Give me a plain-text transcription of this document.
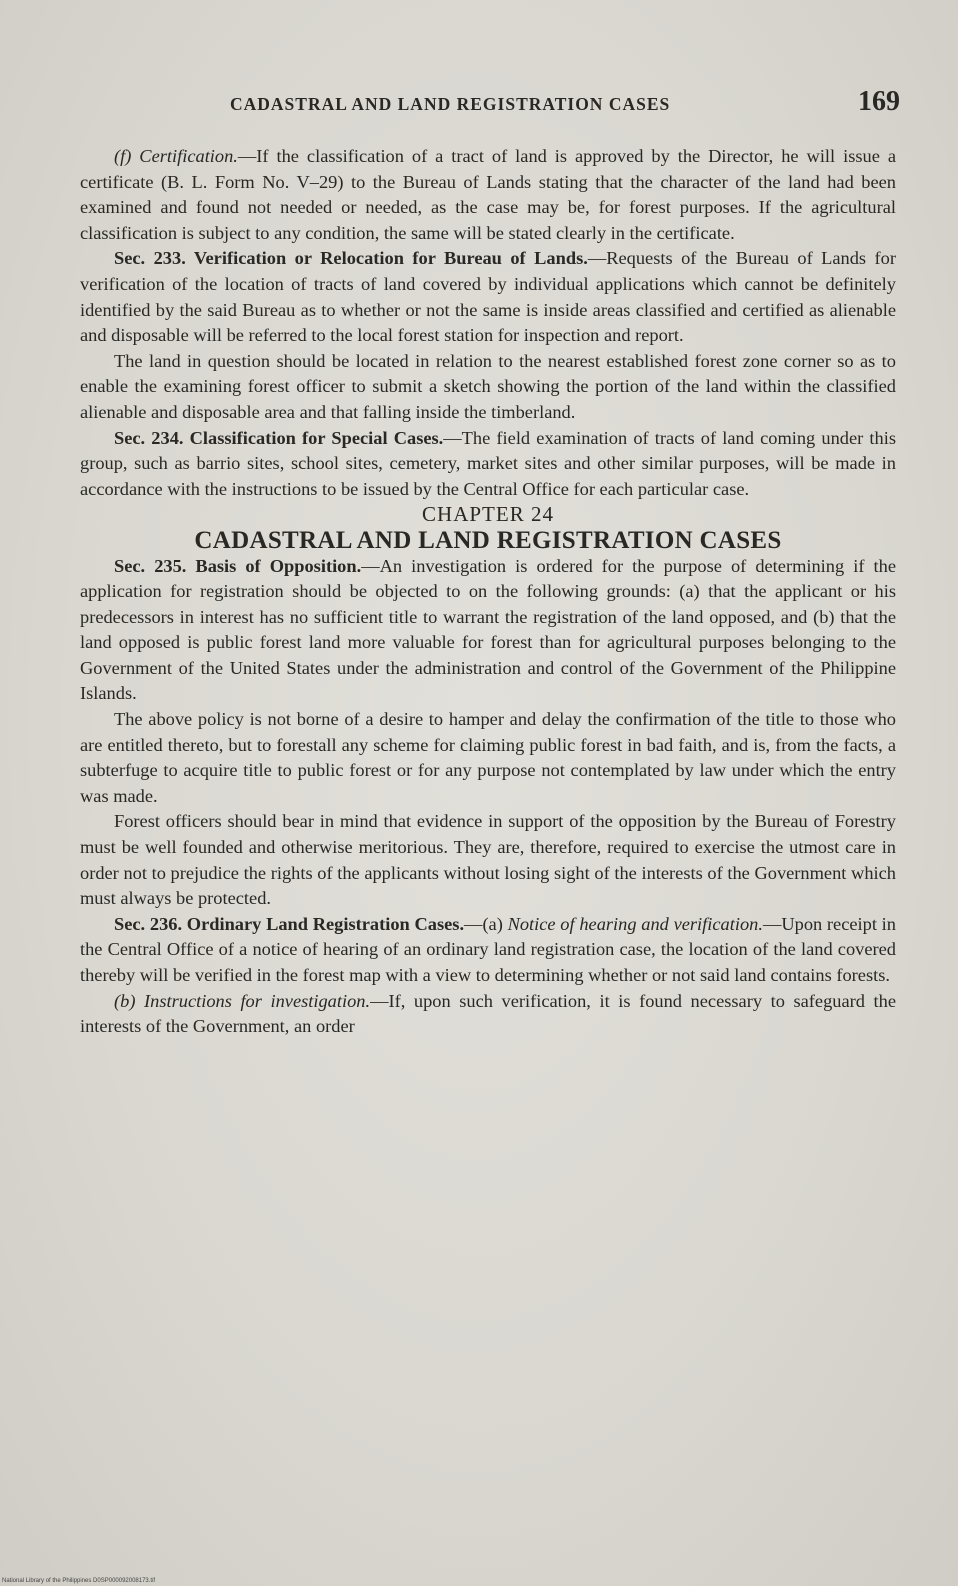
CADASTRAL AND LAND REGISTRATION CASES	169

(f) Certification.—If the classification of a tract of land is approved by the Director, he will issue a certificate (B. L. Form No. V–29) to the Bureau of Lands stating that the character of the land had been examined and found not needed or needed, as the case may be, for forest purposes. If the agricultural classification is subject to any condition, the same will be stated clearly in the certificate.

Sec. 233. Verification or Relocation for Bureau of Lands.—Requests of the Bureau of Lands for verification of the location of tracts of land covered by individual applications which cannot be definitely identified by the said Bureau as to whether or not the same is inside areas classified and certified as alienable and disposable will be referred to the local forest station for inspection and report.

The land in question should be located in relation to the nearest established forest zone corner so as to enable the examining forest officer to submit a sketch showing the portion of the land within the classified alienable and disposable area and that falling inside the timberland.

Sec. 234. Classification for Special Cases.—The field examination of tracts of land coming under this group, such as barrio sites, school sites, cemetery, market sites and other similar purposes, will be made in accordance with the instructions to be issued by the Central Office for each particular case.

CHAPTER 24

CADASTRAL AND LAND REGISTRATION CASES

Sec. 235. Basis of Opposition.—An investigation is ordered for the purpose of determining if the application for registration should be objected to on the following grounds: (a) that the applicant or his predecessors in interest has no sufficient title to warrant the registration of the land opposed, and (b) that the land opposed is public forest land more valuable for forest than for agricultural purposes belonging to the Government of the United States under the administration and control of the Government of the Philippine Islands.

The above policy is not borne of a desire to hamper and delay the confirmation of the title to those who are entitled thereto, but to forestall any scheme for claiming public forest in bad faith, and is, from the facts, a subterfuge to acquire title to public forest or for any purpose not contemplated by law under which the entry was made.

Forest officers should bear in mind that evidence in support of the opposition by the Bureau of Forestry must be well founded and otherwise meritorious. They are, therefore, required to exercise the utmost care in order not to prejudice the rights of the applicants without losing sight of the interests of the Government which must always be protected.

Sec. 236. Ordinary Land Registration Cases.—(a) Notice of hearing and verification.—Upon receipt in the Central Office of a notice of hearing of an ordinary land registration case, the location of the land covered thereby will be verified in the forest map with a view to determining whether or not said land contains forests.

(b) Instructions for investigation.—If, upon such verification, it is found necessary to safeguard the interests of the Government, an order

National Library of the Philippines D0SP000092008173.tif
